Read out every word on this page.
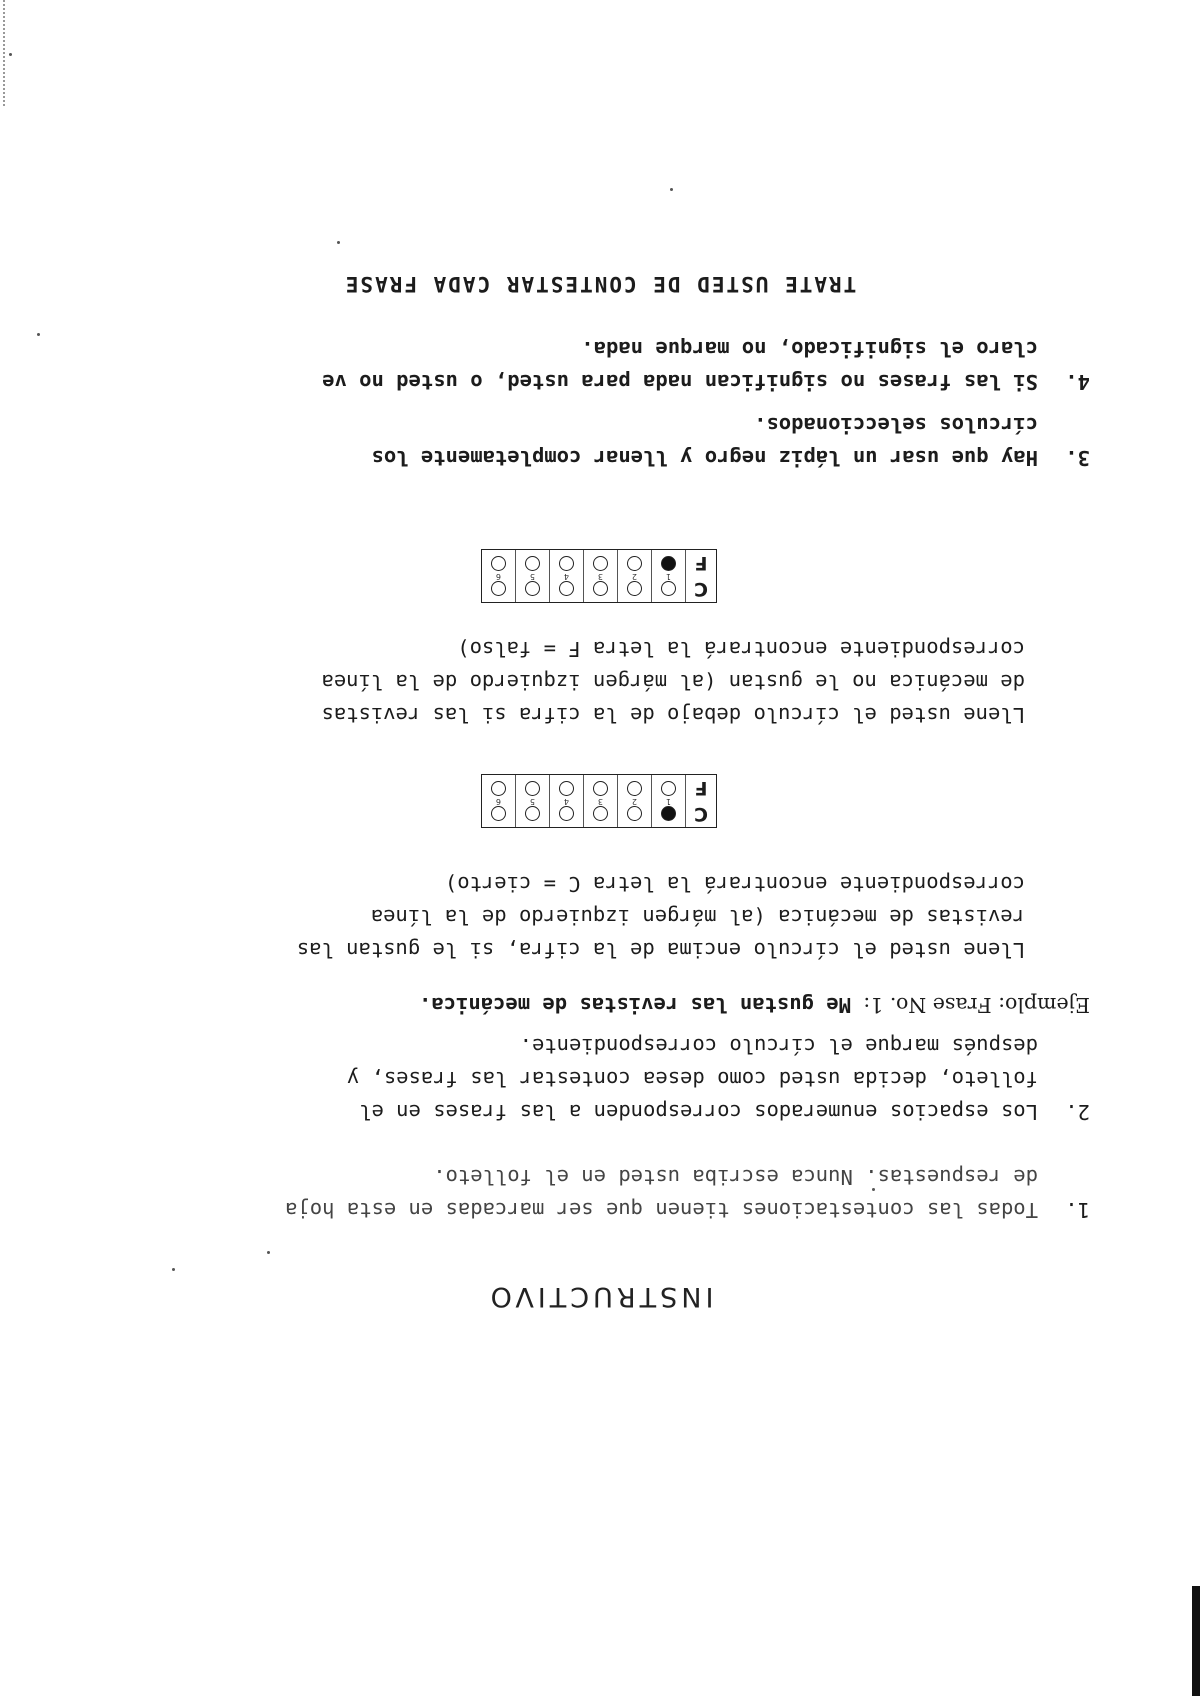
INSTRUCTIVO
1.
Todas las contestaciones tienen que ser marcadas en esta hoja de respuestas. Nunca escriba usted en el folleto.
2.
Los espacios enumerados corresponden a las frases en el folleto, decida usted como desea contestar las frases, y después marque el círculo correspondiente.
Ejemplo: Frase No. 1: Me gustan las revistas de mecánica.
Llene usted el círculo encima de la cifra, si le gustan las revistas de mecánica (al márgen izquierdo de la línea correspondiente encontrará la letra C = cierto)
C
F
1
2
3
4
5
6
Llene usted el círculo debajo de la cifra si las revistas de mecánica no le gustan (al márgen izquierdo de la línea correspondiente encontrará la letra F = falso)
C
F
1
2
3
4
5
6
3.
Hay que usar un lápiz negro y llenar completamente los círculos seleccionados.
4.
Si las frases no significan nada para usted, o usted no ve claro el significado, no marque nada.
TRATE USTED DE CONTESTAR CADA FRASE
